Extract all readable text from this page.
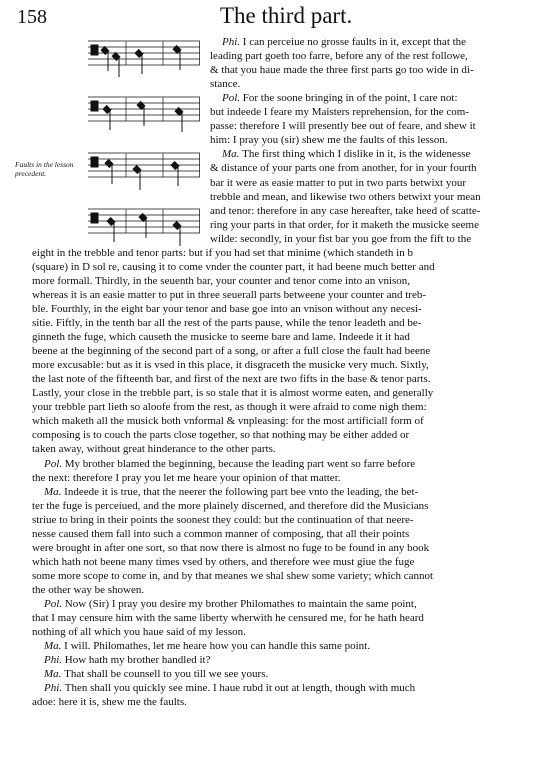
158	The third part.
Faults in the lesson precedent.
Phi. I can perceiue no grosse faults in it, except that the
leading part goeth too farre, before any of the rest followe,
& that you haue made the three first parts go too wide in di-
stance.
Pol. For the soone bringing in of the point, I care not:
but indeede I feare my Maisters reprehension, for the com-
passe: therefore I will presently bee out of feare, and shew it
him: I pray you (sir) shew me the faults of this lesson.
Ma. The first thing which I dislike in it, is the widenesse
& distance of your parts one from another, for in your fourth
bar it were as easie matter to put in two parts betwixt your
trebble and mean, and likewise two others betwixt your mean
and tenor: therefore in any case hereafter, take heed of scatte-
ring your parts in that order, for it maketh the musicke seeme
wilde: secondly, in your fist bar you goe from the fift to the
eight in the trebble and tenor parts: but if you had set that minime (which standeth in b
(square) in D sol re, causing it to come vnder the counter part, it had beene much better and
more formall. Thirdly, in the seuenth bar, your counter and tenor come into an vnison,
whereas it is an easie matter to put in three seuerall parts betweene your counter and treb-
ble. Fourthly, in the eight bar your tenor and base goe into an vnison without any necesi-
sitie. Fiftly, in the tenth bar all the rest of the parts pause, while the tenor leadeth and be-
ginneth the fuge, which causeth the musicke to seeme bare and lame. Indeede it it had
beene at the beginning of the second part of a song, or after a full close the fault had beene
more excusable: but as it is vsed in this place, it disgraceth the musicke very much. Sixtly,
the last note of the fifteenth bar, and first of the next are two fifts in the base & tenor parts.
Lastly, your close in the trebble part, is so stale that it is almost worme eaten, and generally
your trebble part lieth so aloofe from the rest, as though it were afraid to come nigh them:
which maketh all the musick both vnformal & vnpleasing: for the most artificiall form of
composing is to couch the parts close together, so that nothing may be either added or
taken away, without great hinderance to the other parts.
Pol. My brother blamed the beginning, because the leading part went so farre before
the next: therefore I pray you let me heare your opinion of that matter.
Ma. Indeede it is true, that the neerer the following part bee vnto the leading, the bet-
ter the fuge is perceiued, and the more plainely discerned, and therefore did the Musicians
striue to bring in their points the soonest they could: but the continuation of that neere-
nesse caused them fall into such a common manner of composing, that all their points
were brought in after one sort, so that now there is almost no fuge to be found in any book
which hath not beene many times vsed by others, and therefore wee must giue the fuge
some more scope to come in, and by that meanes we shal shew some variety; which cannot
the other way be showen.
Pol. Now (Sir) I pray you desire my brother Philomathes to maintain the same point,
that I may censure him with the same liberty wherwith he censured me, for he hath heard
nothing of all which you haue said of my lesson.
Ma. I will. Philomathes, let me heare how you can handle this same point.
Phi. How hath my brother handled it?
Ma. That shall be counsell to you till we see yours.
Phi. Then shall you quickly see mine. I haue rubd it out at length, though with much
adoe: here it is, shew me the faults.
